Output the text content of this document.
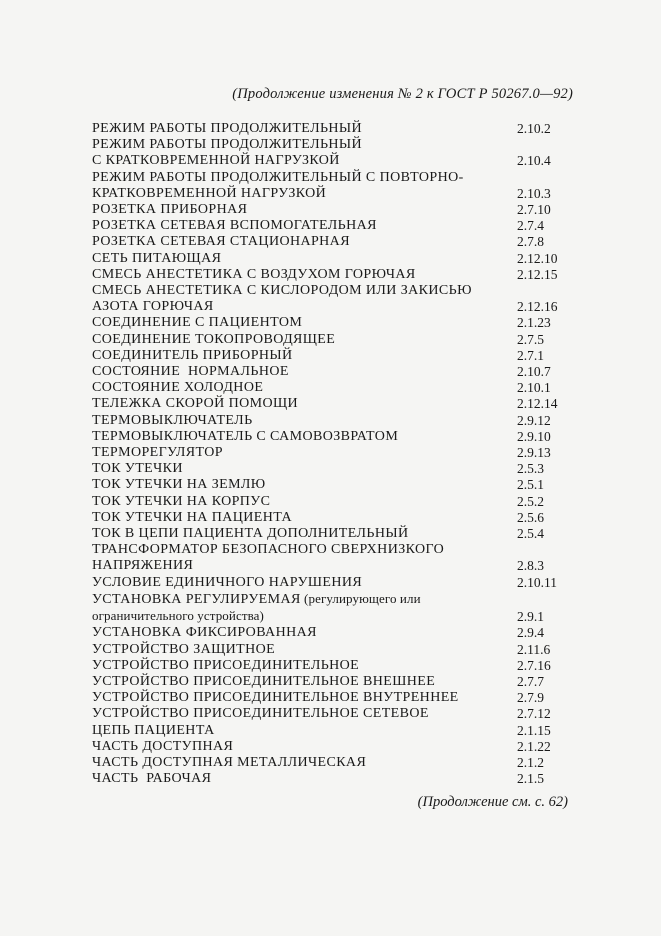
(Продолжение изменения № 2 к ГОСТ Р 50267.0—92)
РЕЖИМ РАБОТЫ ПРОДОЛЖИТЕЛЬНЫЙ	2.10.2
РЕЖИМ РАБОТЫ ПРОДОЛЖИТЕЛЬНЫЙ
С КРАТКОВРЕМЕННОЙ НАГРУЗКОЙ	2.10.4
РЕЖИМ РАБОТЫ ПРОДОЛЖИТЕЛЬНЫЙ С ПОВТОРНО-
КРАТКОВРЕМЕННОЙ НАГРУЗКОЙ	2.10.3
РОЗЕТКА ПРИБОРНАЯ	2.7.10
РОЗЕТКА СЕТЕВАЯ ВСПОМОГАТЕЛЬНАЯ	2.7.4
РОЗЕТКА СЕТЕВАЯ СТАЦИОНАРНАЯ	2.7.8
СЕТЬ ПИТАЮЩАЯ	2.12.10
СМЕСЬ АНЕСТЕТИКА С ВОЗДУХОМ ГОРЮЧАЯ	2.12.15
СМЕСЬ АНЕСТЕТИКА С КИСЛОРОДОМ ИЛИ ЗАКИСЬЮ
АЗОТА ГОРЮЧАЯ	2.12.16
СОЕДИНЕНИЕ С ПАЦИЕНТОМ	2.1.23
СОЕДИНЕНИЕ ТОКОПРОВОДЯЩЕЕ	2.7.5
СОЕДИНИТЕЛЬ ПРИБОРНЫЙ	2.7.1
СОСТОЯНИЕ  НОРМАЛЬНОЕ	2.10.7
СОСТОЯНИЕ ХОЛОДНОЕ	2.10.1
ТЕЛЕЖКА СКОРОЙ ПОМОЩИ	2.12.14
ТЕРМОВЫКЛЮЧАТЕЛЬ	2.9.12
ТЕРМОВЫКЛЮЧАТЕЛЬ С САМОВОЗВРАТОМ	2.9.10
ТЕРМОРЕГУЛЯТОР	2.9.13
ТОК УТЕЧКИ	2.5.3
ТОК УТЕЧКИ НА ЗЕМЛЮ	2.5.1
ТОК УТЕЧКИ НА КОРПУС	2.5.2
ТОК УТЕЧКИ НА ПАЦИЕНТА	2.5.6
ТОК В ЦЕПИ ПАЦИЕНТА ДОПОЛНИТЕЛЬНЫЙ	2.5.4
ТРАНСФОРМАТОР БЕЗОПАСНОГО СВЕРХНИЗКОГО
НАПРЯЖЕНИЯ	2.8.3
УСЛОВИЕ ЕДИНИЧНОГО НАРУШЕНИЯ	2.10.11
УСТАНОВКА РЕГУЛИРУЕМАЯ (регулирующего или
ограничительного устройства)	2.9.1
УСТАНОВКА ФИКСИРОВАННАЯ	2.9.4
УСТРОЙСТВО ЗАЩИТНОЕ	2.11.6
УСТРОЙСТВО ПРИСОЕДИНИТЕЛЬНОЕ	2.7.16
УСТРОЙСТВО ПРИСОЕДИНИТЕЛЬНОЕ ВНЕШНЕЕ	2.7.7
УСТРОЙСТВО ПРИСОЕДИНИТЕЛЬНОЕ ВНУТРЕННЕЕ	2.7.9
УСТРОЙСТВО ПРИСОЕДИНИТЕЛЬНОЕ СЕТЕВОЕ	2.7.12
ЦЕПЬ ПАЦИЕНТА	2.1.15
ЧАСТЬ ДОСТУПНАЯ	2.1.22
ЧАСТЬ ДОСТУПНАЯ МЕТАЛЛИЧЕСКАЯ	2.1.2
ЧАСТЬ  РАБОЧАЯ	2.1.5
(Продолжение см. с. 62)
